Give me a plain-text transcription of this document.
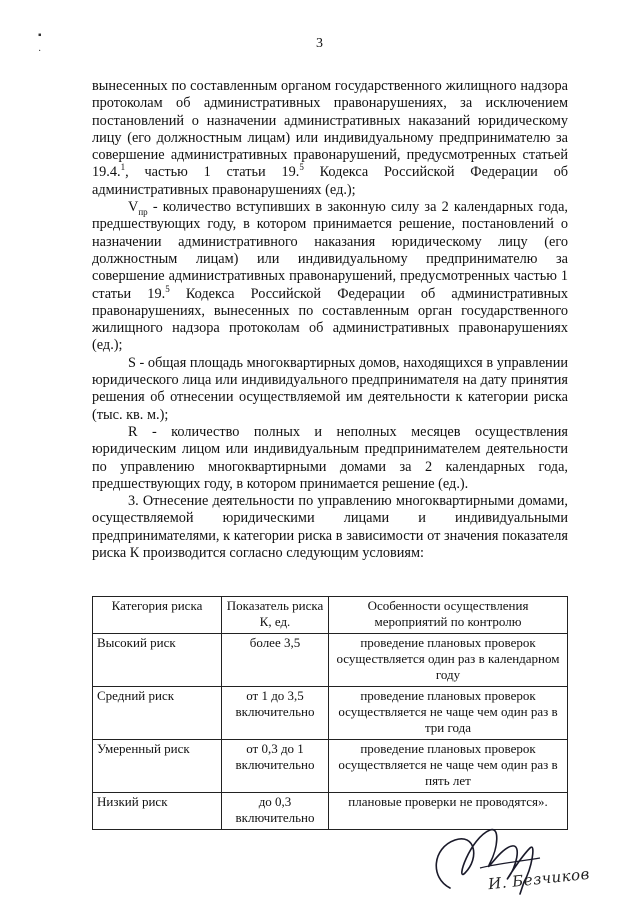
▪
·
3

вынесенных по составленным органом государственного жилищного надзора протоколам об административных правонарушениях, за исключением постановлений о назначении административных наказаний юридическому лицу (его должностным лицам) или индивидуальному предпринимателю за совершение административных правонарушений, предусмотренных статьей 19.4.$^1$, частью 1 статьи 19.$^5$ Кодекса Российской Федерации об административных правонарушениях (ед.);

$V_{пр}$ - количество вступивших в законную силу за 2 календарных года, предшествующих году, в котором принимается решение, постановлений о назначении административного наказания юридическому лицу (его должностным лицам) или индивидуальному предпринимателю за совершение административных правонарушений, предусмотренных частью 1 статьи 19.$^5$ Кодекса Российской Федерации об административных правонарушениях, вынесенных по составленным орган государственного жилищного надзора протоколам об административных правонарушениях (ед.);

S - общая площадь многоквартирных домов, находящихся в управлении юридического лица или индивидуального предпринимателя на дату принятия решения об отнесении осуществляемой им деятельности к категории риска (тыс. кв. м.);

R - количество полных и неполных месяцев осуществления юридическим лицом или индивидуальным предпринимателем деятельности по управлению многоквартирными домами за 2 календарных года, предшествующих году, в котором принимается решение (ед.).

3. Отнесение деятельности по управлению многоквартирными домами, осуществляемой юридическими лицами и индивидуальными предпринимателями, к категории риска в зависимости от значения показателя риска К производится согласно следующим условиям:

Категория риска	Показатель риска К, ед.	Особенности осуществления мероприятий по контролю
Высокий риск	более 3,5	проведение плановых проверок осуществляется один раз в календарном году
Средний риск	от 1 до 3,5 включительно	проведение плановых проверок осуществляется не чаще чем один раз в три года
Умеренный риск	от 0,3 до 1 включительно	проведение плановых проверок осуществляется не чаще чем один раз в пять лет
Низкий риск	до 0,3 включительно	плановые проверки не проводятся».
И. Безчиков
